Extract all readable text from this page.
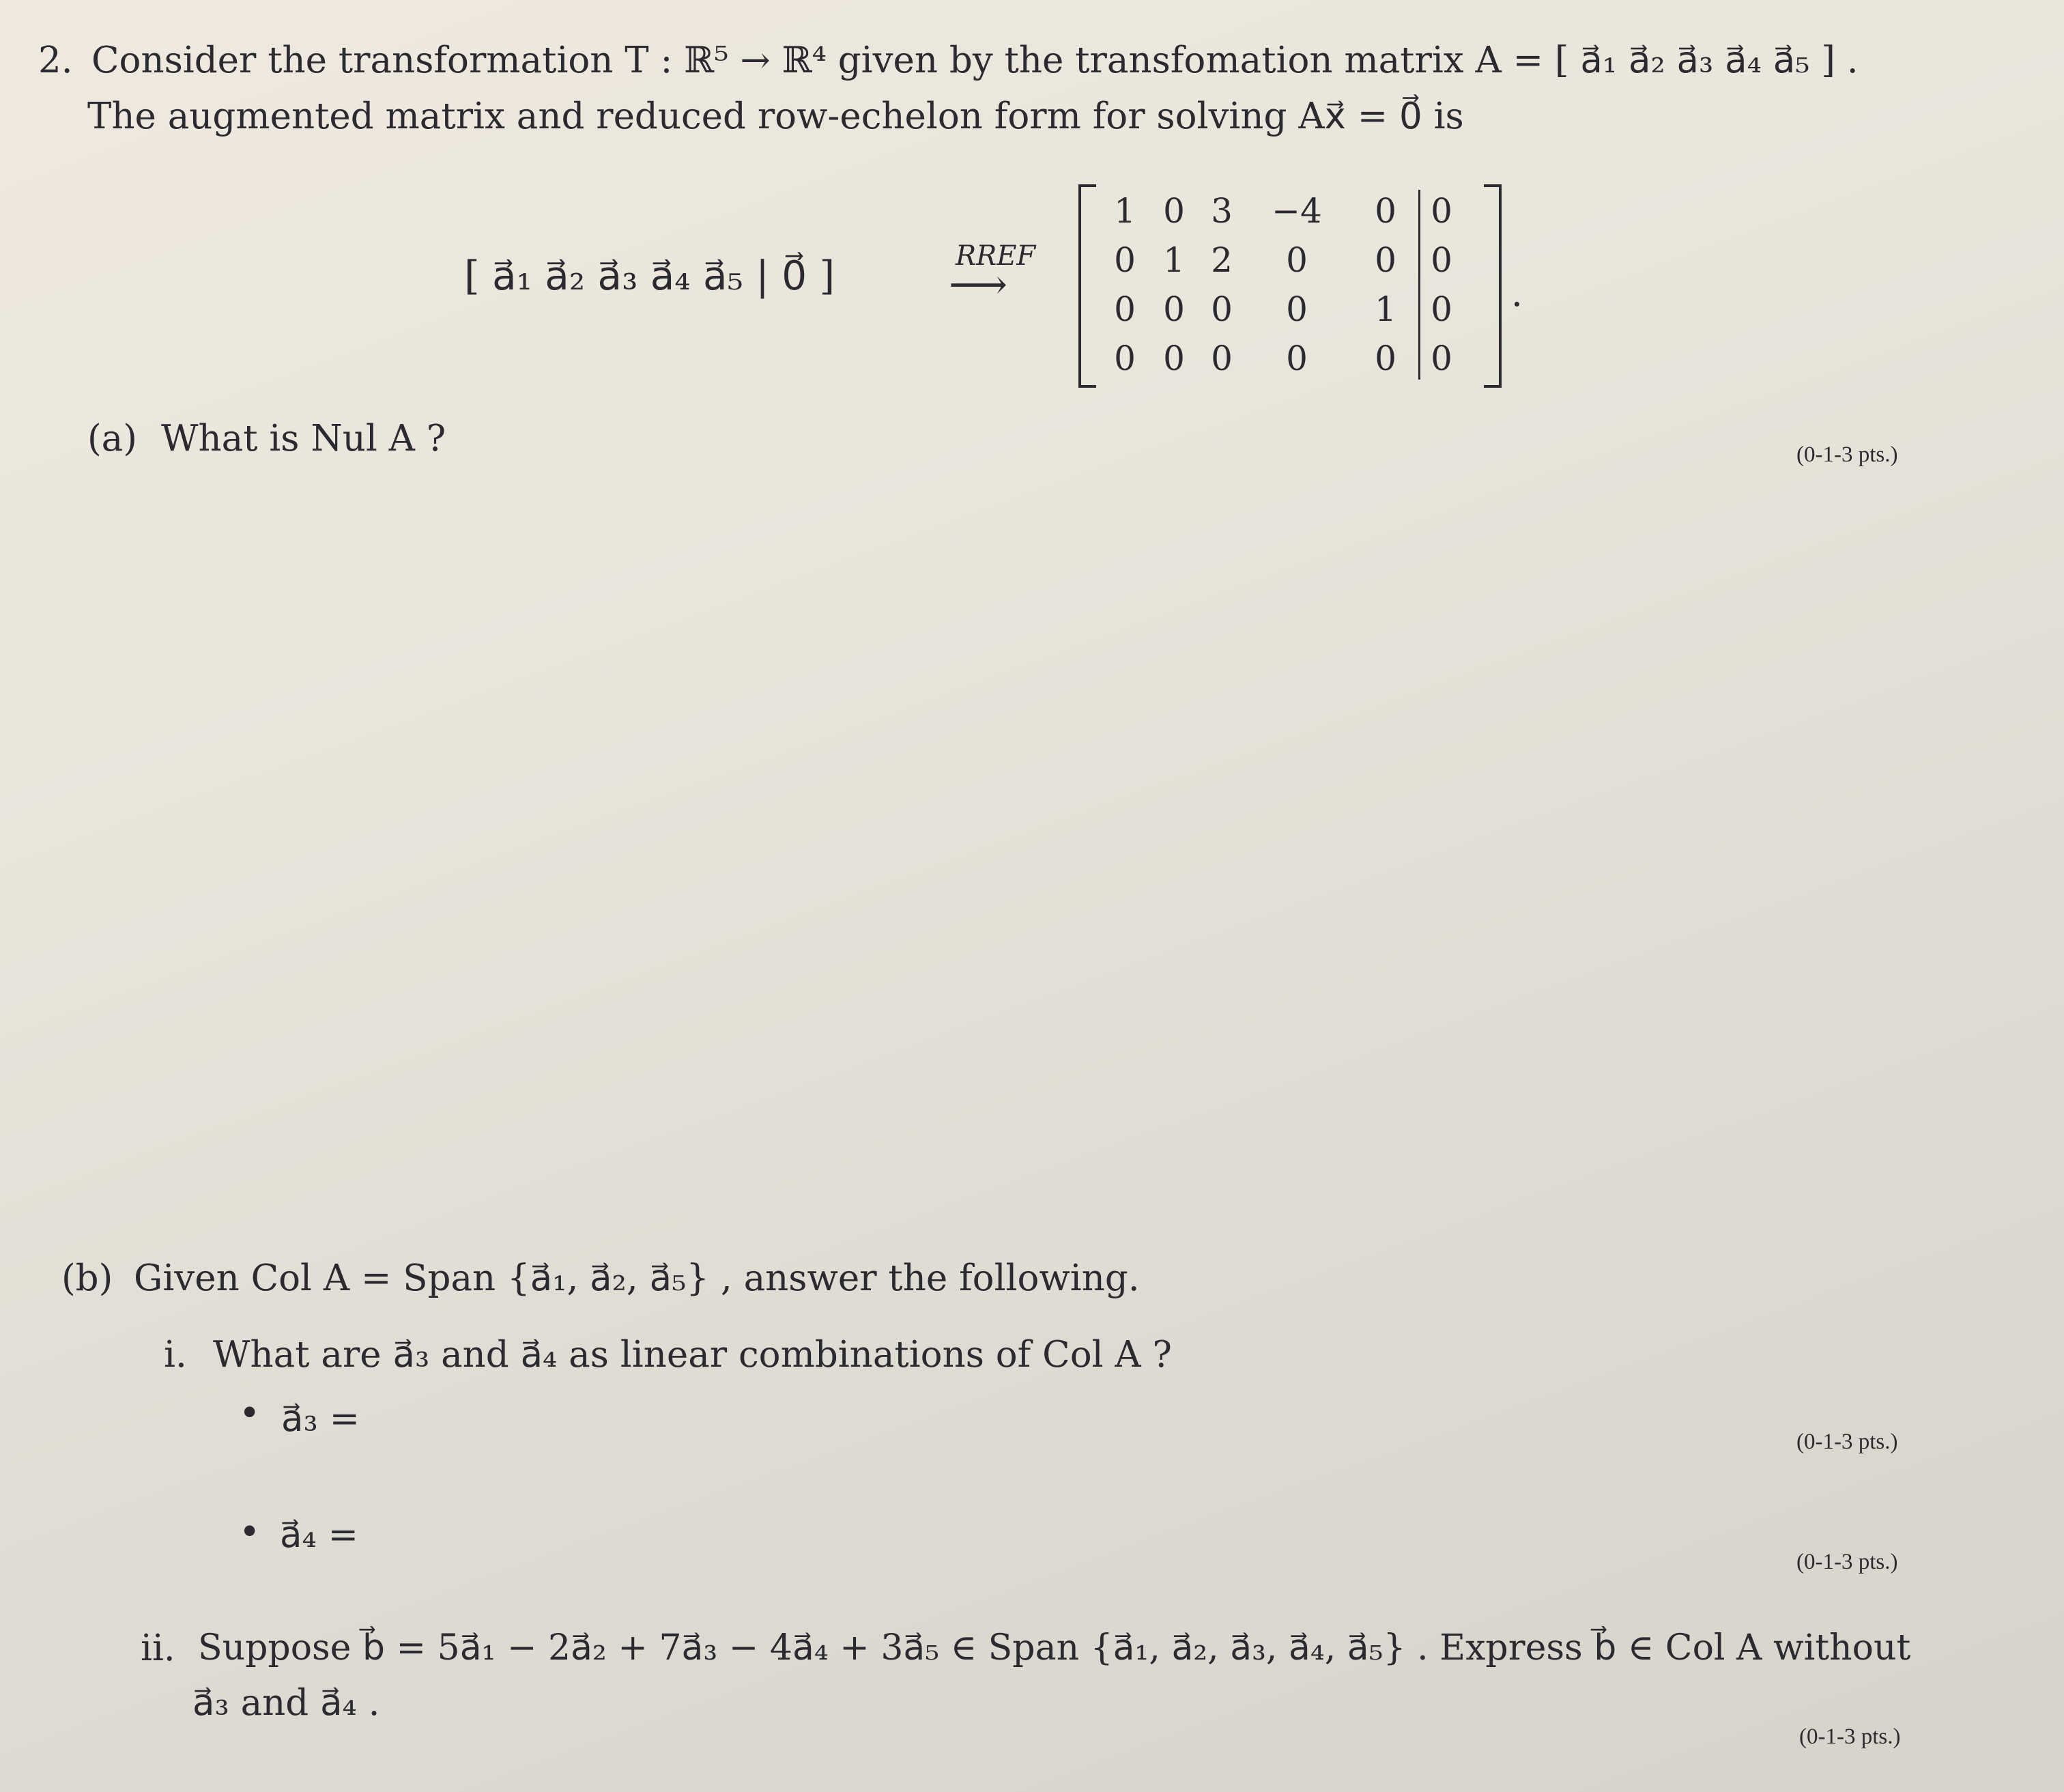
2. Consider the transformation T : ℝ⁵ → ℝ⁴ given by the transfomation matrix A = [ a⃗₁ a⃗₂ a⃗₃ a⃗₄ a⃗₅ ] .
The augmented matrix and reduced row-echelon form for solving Ax⃗ = 0⃗ is
[ a⃗₁ a⃗₂ a⃗₃ a⃗₄ a⃗₅ | 0⃗ ]	RREF
⟶
1 0 3 −4 0 0
0 1 2	0	0 0
0 0 0	0	1 0
0 0 0	0	0 0
.
(a) What is Nul A ?	(0-1-3 pts.)
(b) Given Col A = Span {a⃗₁, a⃗₂, a⃗₅} , answer the following.
i. What are a⃗₃ and a⃗₄ as linear combinations of Col A ?
• a⃗₃ =
(0-1-3 pts.)
• a⃗₄ =
(0-1-3 pts.)
ii. Suppose b⃗ = 5a⃗₁ − 2a⃗₂ + 7a⃗₃ − 4a⃗₄ + 3a⃗₅ ∈ Span {a⃗₁, a⃗₂, a⃗₃, a⃗₄, a⃗₅} . Express b⃗ ∈ Col A without
a⃗₃ and a⃗₄ .
(0-1-3 pts.)
